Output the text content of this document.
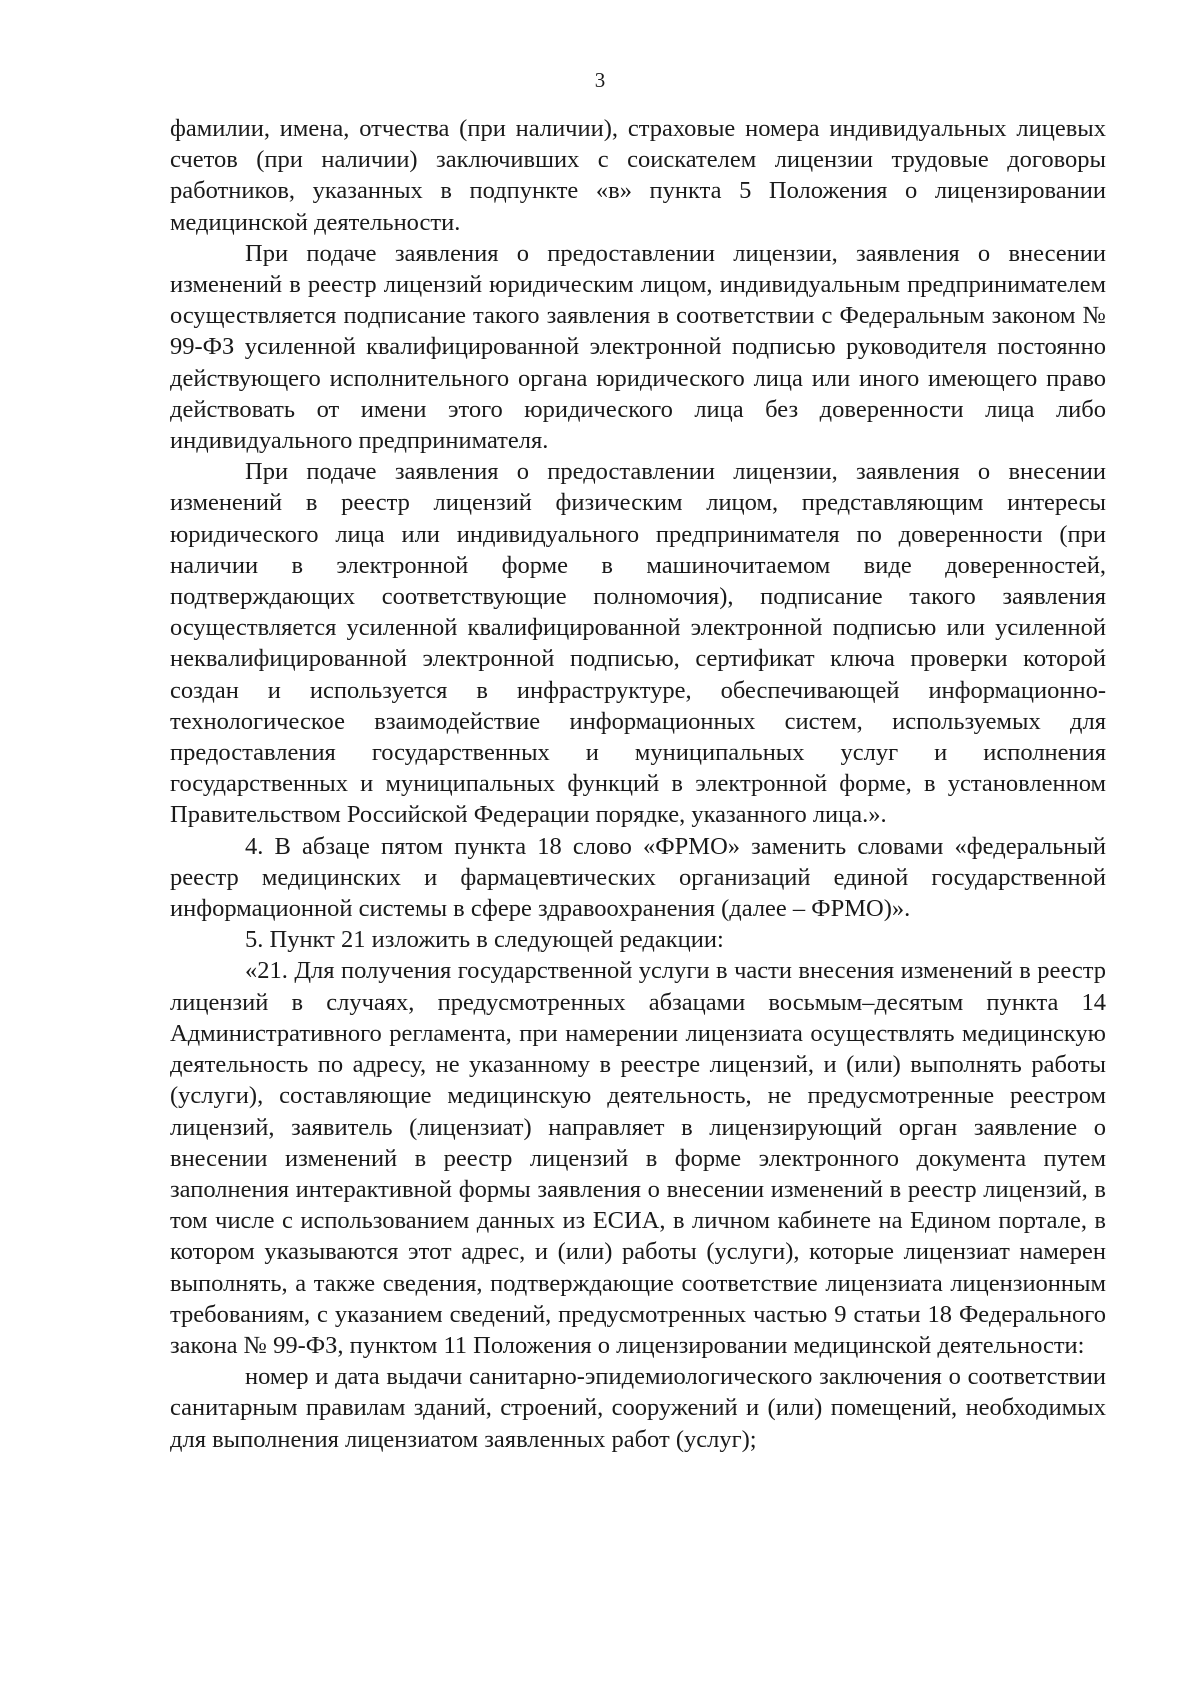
3

фамилии, имена, отчества (при наличии), страховые номера индивидуальных лицевых счетов (при наличии) заключивших с соискателем лицензии трудовые договоры работников, указанных в подпункте «в» пункта 5 Положения о лицензировании медицинской деятельности.

При подаче заявления о предоставлении лицензии, заявления о внесении изменений в реестр лицензий юридическим лицом, индивидуальным предпринимателем осуществляется подписание такого заявления в соответствии с Федеральным законом № 99-ФЗ усиленной квалифицированной электронной подписью руководителя постоянно действующего исполнительного органа юридического лица или иного имеющего право действовать от имени этого юридического лица без доверенности лица либо индивидуального предпринимателя.

При подаче заявления о предоставлении лицензии, заявления о внесении изменений в реестр лицензий физическим лицом, представляющим интересы юридического лица или индивидуального предпринимателя по доверенности (при наличии в электронной форме в машиночитаемом виде доверенностей, подтверждающих соответствующие полномочия), подписание такого заявления осуществляется усиленной квалифицированной электронной подписью или усиленной неквалифицированной электронной подписью, сертификат ключа проверки которой создан и используется в инфраструктуре, обеспечивающей информационно-технологическое взаимодействие информационных систем, используемых для предоставления государственных и муниципальных услуг и исполнения государственных и муниципальных функций в электронной форме, в установленном Правительством Российской Федерации порядке, указанного лица.».

4. В абзаце пятом пункта 18 слово «ФРМО» заменить словами «федеральный реестр медицинских и фармацевтических организаций единой государственной информационной системы в сфере здравоохранения (далее – ФРМО)».

5. Пункт 21 изложить в следующей редакции:

«21. Для получения государственной услуги в части внесения изменений в реестр лицензий в случаях, предусмотренных абзацами восьмым–десятым пункта 14 Административного регламента, при намерении лицензиата осуществлять медицинскую деятельность по адресу, не указанному в реестре лицензий, и (или) выполнять работы (услуги), составляющие медицинскую деятельность, не предусмотренные реестром лицензий, заявитель (лицензиат) направляет в лицензирующий орган заявление о внесении изменений в реестр лицензий в форме электронного документа путем заполнения интерактивной формы заявления о внесении изменений в реестр лицензий, в том числе с использованием данных из ЕСИА, в личном кабинете на Едином портале, в котором указываются этот адрес, и (или) работы (услуги), которые лицензиат намерен выполнять, а также сведения, подтверждающие соответствие лицензиата лицензионным требованиям, с указанием сведений, предусмотренных частью 9 статьи 18 Федерального закона № 99-ФЗ, пунктом 11 Положения о лицензировании медицинской деятельности:

номер и дата выдачи санитарно-эпидемиологического заключения о соответствии санитарным правилам зданий, строений, сооружений и (или) помещений, необходимых для выполнения лицензиатом заявленных работ (услуг);
